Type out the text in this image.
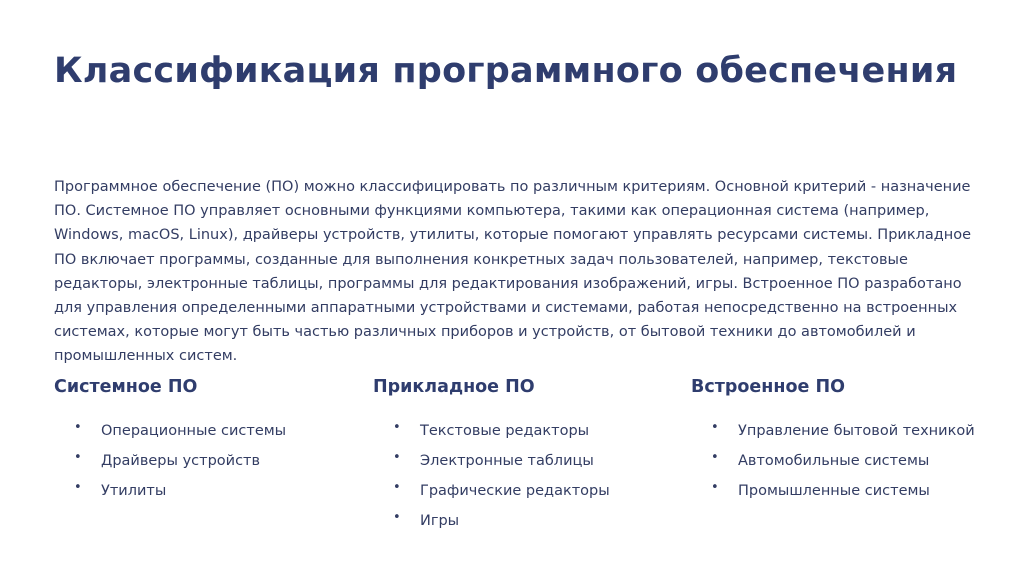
Классификация программного обеспечения

Программное обеспечение (ПО) можно классифицировать по различным критериям. Основной критерий - назначение ПО. Системное ПО управляет основными функциями компьютера, такими как операционная система (например, Windows, macOS, Linux), драйверы устройств, утилиты, которые помогают управлять ресурсами системы. Прикладное ПО включает программы, созданные для выполнения конкретных задач пользователей, например, текстовые редакторы, электронные таблицы, программы для редактирования изображений, игры. Встроенное ПО разработано для управления определенными аппаратными устройствами и системами, работая непосредственно на встроенных системах, которые могут быть частью различных приборов и устройств, от бытовой техники до автомобилей и промышленных систем.

Системное ПО
• Операционные системы
• Драйверы устройств
• Утилиты
Прикладное ПО
• Текстовые редакторы
• Электронные таблицы
• Графические редакторы
• Игры
Встроенное ПО
• Управление бытовой техникой
• Автомобильные системы
• Промышленные системы
